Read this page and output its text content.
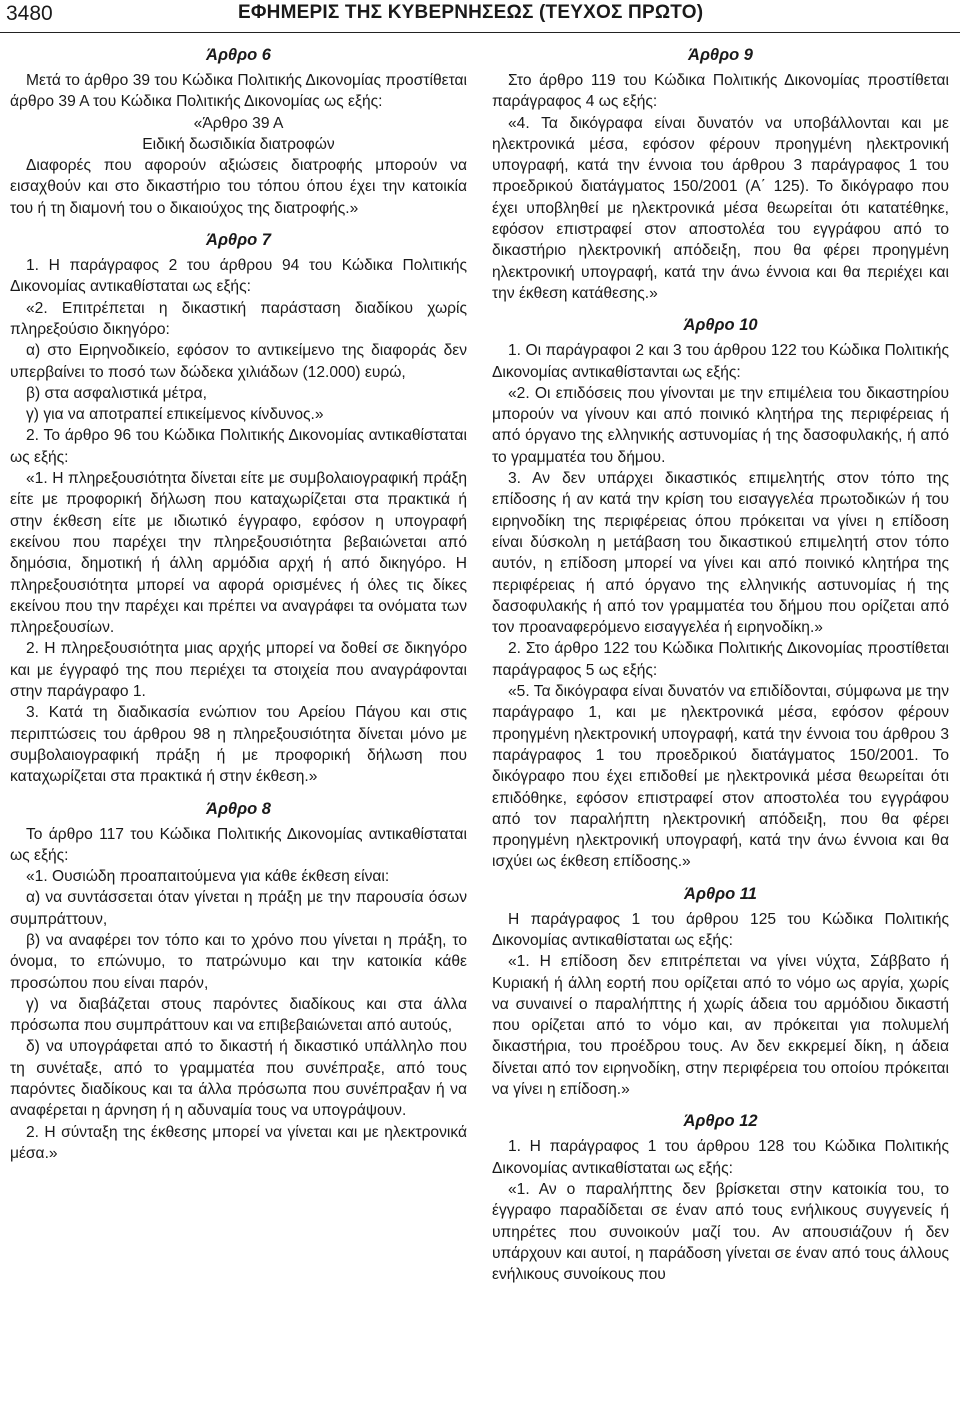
3480	ΕΦΗΜΕΡΙΣ ΤΗΣ ΚΥΒΕΡΝΗΣΕΩΣ (ΤΕΥΧΟΣ ΠΡΩΤΟ)
Άρθρο 6

Μετά το άρθρο 39 του Κώδικα Πολιτικής Δικονομίας προστίθεται άρθρο 39 Α του Κώδικα Πολιτικής Δικονομίας ως εξής:

«Άρθρο 39 Α

Ειδική δωσιδικία διατροφών

Διαφορές που αφορούν αξιώσεις διατροφής μπορούν να εισαχθούν και στο δικαστήριο του τόπου όπου έχει την κατοικία του ή τη διαμονή του ο δικαιούχος της διατροφής.»

Άρθρο 7

1. Η παράγραφος 2 του άρθρου 94 του Κώδικα Πολιτικής Δικονομίας αντικαθίσταται ως εξής:

«2. Επιτρέπεται η δικαστική παράσταση διαδίκου χωρίς πληρεξούσιο δικηγόρο:

α) στο Ειρηνοδικείο, εφόσον το αντικείμενο της διαφοράς δεν υπερβαίνει το ποσό των δώδεκα χιλιάδων (12.000) ευρώ,

β) στα ασφαλιστικά μέτρα,

γ) για να αποτραπεί επικείμενος κίνδυνος.»

2. Το άρθρο 96 του Κώδικα Πολιτικής Δικονομίας αντικαθίσταται ως εξής:

«1. Η πληρεξουσιότητα δίνεται είτε με συμβολαιογραφική πράξη είτε με προφορική δήλωση που καταχωρίζεται στα πρακτικά ή στην έκθεση είτε με ιδιωτικό έγγραφο, εφόσον η υπογραφή εκείνου που παρέχει την πληρεξουσιότητα βεβαιώνεται από δημόσια, δημοτική ή άλλη αρμόδια αρχή ή από δικηγόρο. Η πληρεξουσιότητα μπορεί να αφορά ορισμένες ή όλες τις δίκες εκείνου που την παρέχει και πρέπει να αναγράφει τα ονόματα των πληρεξουσίων.

2. Η πληρεξουσιότητα μιας αρχής μπορεί να δοθεί σε δικηγόρο και με έγγραφό της που περιέχει τα στοιχεία που αναγράφονται στην παράγραφο 1.

3. Κατά τη διαδικασία ενώπιον του Αρείου Πάγου και στις περιπτώσεις του άρθρου 98 η πληρεξουσιότητα δίνεται μόνο με συμβολαιογραφική πράξη ή με προφορική δήλωση που καταχωρίζεται στα πρακτικά ή στην έκθεση.»

Άρθρο 8

Το άρθρο 117 του Κώδικα Πολιτικής Δικονομίας αντικαθίσταται ως εξής:

«1. Ουσιώδη προαπαιτούμενα για κάθε έκθεση είναι:

α) να συντάσσεται όταν γίνεται η πράξη με την παρουσία όσων συμπράττουν,

β) να αναφέρει τον τόπο και το χρόνο που γίνεται η πράξη, το όνομα, το επώνυμο, το πατρώνυμο και την κατοικία κάθε προσώπου που είναι παρόν,

γ) να διαβάζεται στους παρόντες διαδίκους και στα άλλα πρόσωπα που συμπράττουν και να επιβεβαιώνεται από αυτούς,

δ) να υπογράφεται από το δικαστή ή δικαστικό υπάλληλο που τη συνέταξε, από το γραμματέα που συνέπραξε, από τους παρόντες διαδίκους και τα άλλα πρόσωπα που συνέπραξαν ή να αναφέρεται η άρνηση ή η αδυναμία τους να υπογράψουν.

2. Η σύνταξη της έκθεσης μπορεί να γίνεται και με ηλεκτρονικά μέσα.»

Άρθρο 9

Στο άρθρο 119 του Κώδικα Πολιτικής Δικονομίας προστίθεται παράγραφος 4 ως εξής:

«4. Τα δικόγραφα είναι δυνατόν να υποβάλλονται και με ηλεκτρονικά μέσα, εφόσον φέρουν προηγμένη ηλεκτρονική υπογραφή, κατά την έννοια του άρθρου 3 παράγραφος 1 του προεδρικού διατάγματος 150/2001 (Α΄ 125). Το δικόγραφο που έχει υποβληθεί με ηλεκτρονικά μέσα θεωρείται ότι κατατέθηκε, εφόσον επιστραφεί στον αποστολέα του εγγράφου από το δικαστήριο ηλεκτρονική απόδειξη, που θα φέρει προηγμένη ηλεκτρονική υπογραφή, κατά την άνω έννοια και θα περιέχει και την έκθεση κατάθεσης.»

Άρθρο 10

1. Οι παράγραφοι 2 και 3 του άρθρου 122 του Κώδικα Πολιτικής Δικονομίας αντικαθίστανται ως εξής:

«2. Οι επιδόσεις που γίνονται με την επιμέλεια του δικαστηρίου μπορούν να γίνουν και από ποινικό κλητήρα της περιφέρειας ή από όργανο της ελληνικής αστυνομίας ή της δασοφυλακής, ή από το γραμματέα του δήμου.

3. Αν δεν υπάρχει δικαστικός επιμελητής στον τόπο της επίδοσης ή αν κατά την κρίση του εισαγγελέα πρωτοδικών ή του ειρηνοδίκη της περιφέρειας όπου πρόκειται να γίνει η επίδοση είναι δύσκολη η μετάβαση του δικαστικού επιμελητή στον τόπο αυτόν, η επίδοση μπορεί να γίνει και από ποινικό κλητήρα της περιφέρειας ή από όργανο της ελληνικής αστυνομίας ή της δασοφυλακής ή από τον γραμματέα του δήμου που ορίζεται από τον προαναφερόμενο εισαγγελέα ή ειρηνοδίκη.»

2. Στο άρθρο 122 του Κώδικα Πολιτικής Δικονομίας προστίθεται παράγραφος 5 ως εξής:

«5. Τα δικόγραφα είναι δυνατόν να επιδίδονται, σύμφωνα με την παράγραφο 1, και με ηλεκτρονικά μέσα, εφόσον φέρουν προηγμένη ηλεκτρονική υπογραφή, κατά την έννοια του άρθρου 3 παράγραφος 1 του προεδρικού διατάγματος 150/2001. Το δικόγραφο που έχει επιδοθεί με ηλεκτρονικά μέσα θεωρείται ότι επιδόθηκε, εφόσον επιστραφεί στον αποστολέα του εγγράφου από τον παραλήπτη ηλεκτρονική απόδειξη, που θα φέρει προηγμένη ηλεκτρονική υπογραφή, κατά την άνω έννοια και θα ισχύει ως έκθεση επίδοσης.»

Άρθρο 11

Η παράγραφος 1 του άρθρου 125 του Κώδικα Πολιτικής Δικονομίας αντικαθίσταται ως εξής:

«1. Η επίδοση δεν επιτρέπεται να γίνει νύχτα, Σάββατο ή Κυριακή ή άλλη εορτή που ορίζεται από το νόμο ως αργία, χωρίς να συναινεί ο παραλήπτης ή χωρίς άδεια του αρμόδιου δικαστή που ορίζεται από το νόμο και, αν πρόκειται για πολυμελή δικαστήρια, του προέδρου τους. Αν δεν εκκρεμεί δίκη, η άδεια δίνεται από τον ειρηνοδίκη, στην περιφέρεια του οποίου πρόκειται να γίνει η επίδοση.»

Άρθρο 12

1. Η παράγραφος 1 του άρθρου 128 του Κώδικα Πολιτικής Δικονομίας αντικαθίσταται ως εξής:

«1. Αν ο παραλήπτης δεν βρίσκεται στην κατοικία του, το έγγραφο παραδίδεται σε έναν από τους ενήλικους συγγενείς ή υπηρέτες που συνοικούν μαζί του. Αν απουσιάζουν ή δεν υπάρχουν και αυτοί, η παράδοση γίνεται σε έναν από τους άλλους ενήλικους συνοίκους που
